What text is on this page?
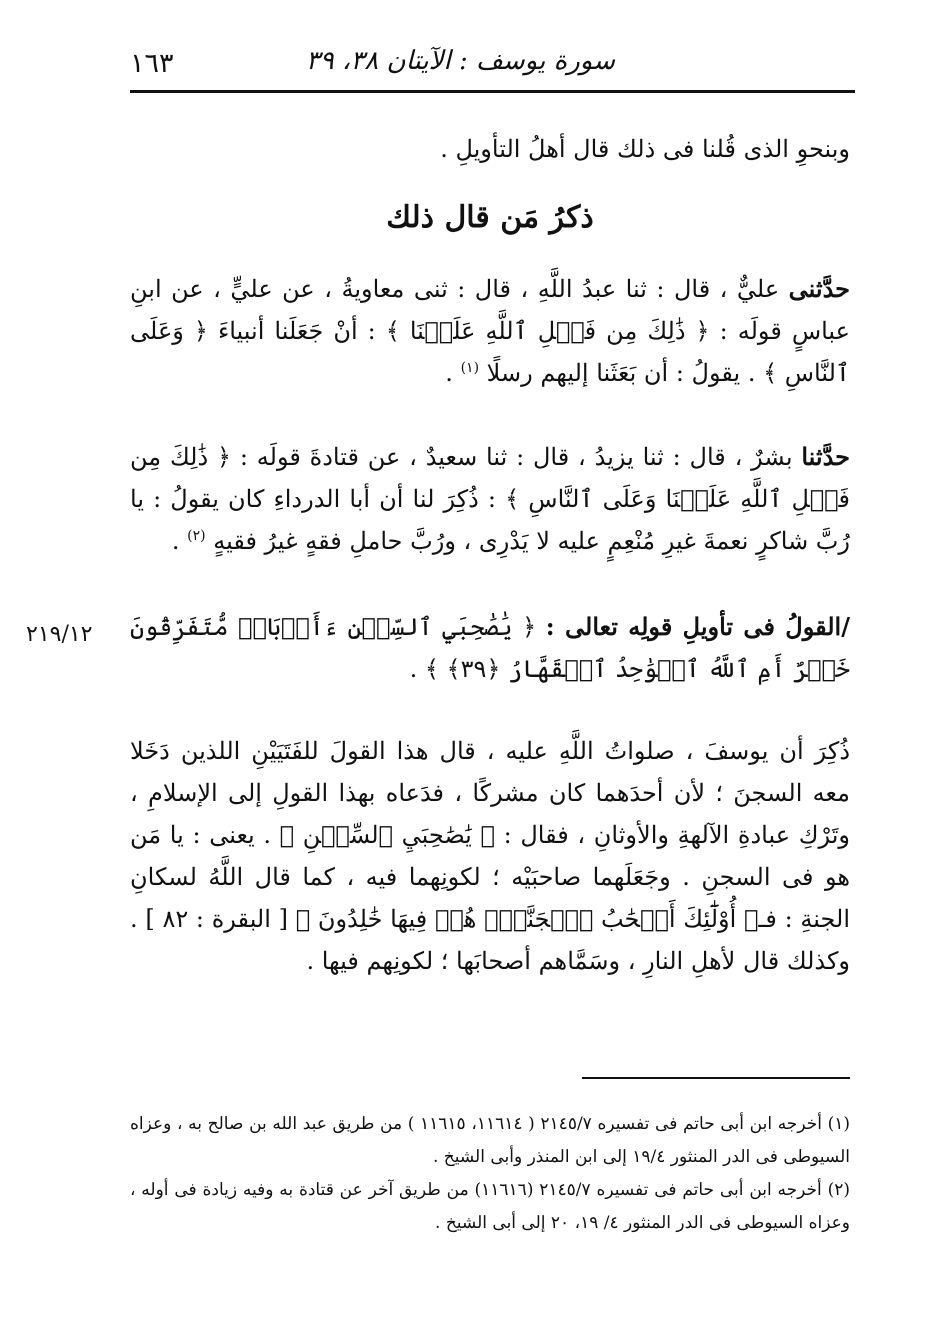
١٦٣	سورة يوسف : الآيتان ٣٨، ٣٩

وبنحوِ الذى قُلنا فى ذلك قال أهلُ التأويلِ .

ذكرُ مَن قال ذلك

حدَّثنى عليٌّ ، قال : ثنا عبدُ اللَّهِ ، قال : ثنى معاويةُ ، عن عليٍّ ، عن ابنِ عباسٍ قولَه : ﴿ ذَٰلِكَ مِن فَضۡلِ ٱللَّهِ عَلَيۡنَا ﴾ : أنْ جَعَلَنا أنبياءَ ﴿ وَعَلَى ٱلنَّاسِ ﴾ . يقولُ : أن بَعَثَنا إليهم رسلًا $^{(١)}$ .

حدَّثنا بشرٌ ، قال : ثنا يزيدُ ، قال : ثنا سعيدٌ ، عن قتادةَ قولَه : ﴿ ذَٰلِكَ مِن فَضۡلِ ٱللَّهِ عَلَيۡنَا وَعَلَى ٱلنَّاسِ ﴾ : ذُكِرَ لنا أن أبا الدرداءِ كان يقولُ : يا رُبَّ شاكرٍ نعمةَ غيرِ مُنْعِمٍ عليه لا يَدْرِى ، ورُبَّ حاملِ فقهٍ غيرُ فقيهٍ $^{(٢)}$ .

٢١٩/١٢	/القولُ فى تأويلِ قولِه تعالى : ﴿ يَٰصَٰحِبَيِ ٱلسِّجۡنِ ءَأَرۡبَابٞ مُّتَفَرِّقُونَ خَيۡرٌ أَمِ ٱللَّهُ ٱلۡوَٰحِدُ ٱلۡقَهَّارُ ﴿٣٩﴾ ﴾ .

ذُكِرَ أن يوسفَ ، صلواتُ اللَّهِ عليه ، قال هذا القولَ للفَتَيَيْنِ اللذين دَخَلا معه السجنَ ؛ لأن أحدَهما كان مشركًا ، فدَعاه بهذا القولِ إلى الإسلامِ ، وتَرْكِ عبادةِ الآلهةِ والأوثانِ ، فقال : ﴿ يَٰصَٰحِبَيِ ٱلسِّجۡنِ ﴾ . يعنى : يا مَن هو فى السجنِ . وجَعَلَهما صاحبَيْه ؛ لكونِهما فيه ، كما قال اللَّهُ لسكانِ الجنةِ : فـ﴿ أُوْلَٰٓئِكَ أَصۡحَٰبُ ٱلۡجَنَّةِۖ هُمۡ فِيهَا خَٰلِدُونَ ﴾ [ البقرة : ٨٢ ] . وكذلك قال لأهلِ النارِ ، وسَمَّاهم أصحابَها ؛ لكونِهم فيها .

(١) أخرجه ابن أبى حاتم فى تفسيره ٢١٤٥/٧ ( ١١٦١٤، ١١٦١٥ ) من طريق عبد الله بن صالح به ، وعزاه السيوطى فى الدر المنثور ١٩/٤ إلى ابن المنذر وأبى الشيخ .

(٢) أخرجه ابن أبى حاتم فى تفسيره ٢١٤٥/٧ (١١٦١٦) من طريق آخر عن قتادة به وفيه زيادة فى أوله ، وعزاه السيوطى فى الدر المنثور ٤/ ١٩، ٢٠ إلى أبى الشيخ .
